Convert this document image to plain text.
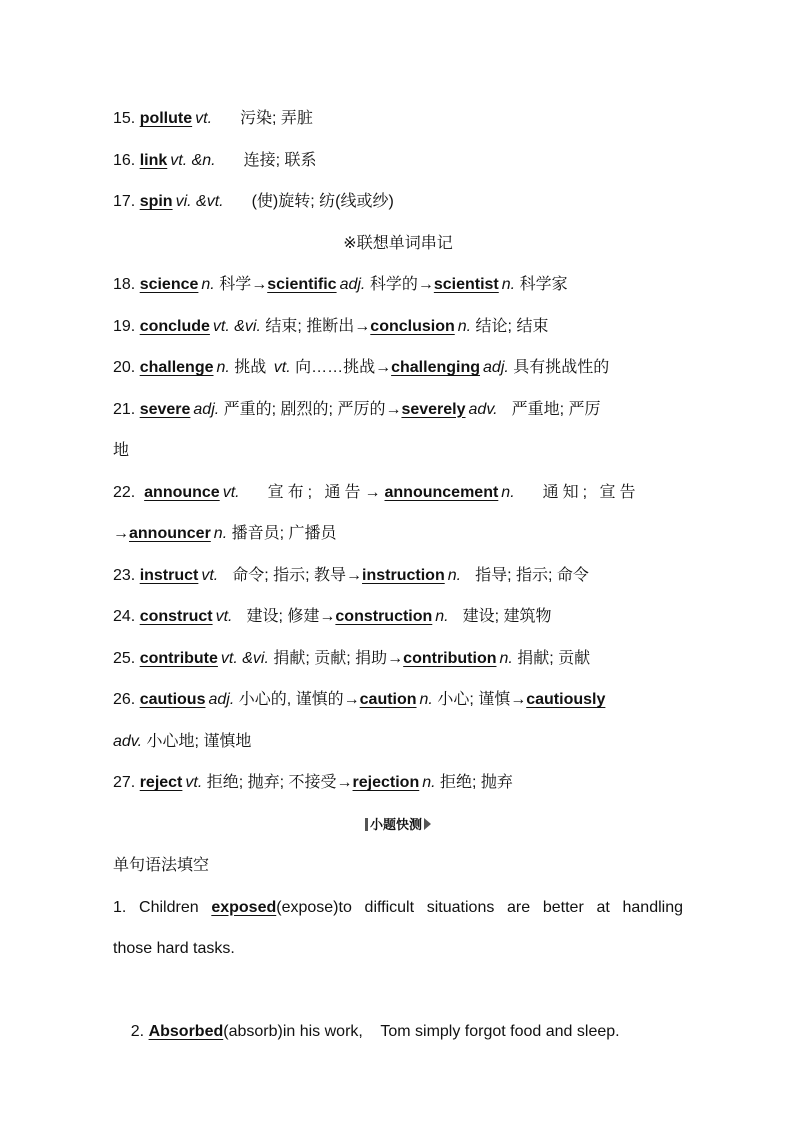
15. pollute vt. 污染; 弄脏
16. link vt. &n. 连接; 联系
17. spin vi. &vt. (使)旋转; 纺(线或纱)
※联想单词串记
18. science n. 科学→scientific adj. 科学的→scientist n. 科学家
19. conclude vt. &vi. 结束; 推断出→conclusion n. 结论; 结束
20. challenge n. 挑战 vt. 向……挑战→challenging adj. 具有挑战性的
21. severe adj. 严重的; 剧烈的; 严厉的→severely adv. 严重地; 严厉
地
22.  announce vt. 宣布; 通告→announcement n. 通知; 宣告
→announcer n. 播音员; 广播员
23. instruct vt. 命令; 指示; 教导→instruction n. 指导; 指示; 命令
24. construct vt. 建设; 修建→construction n. 建设; 建筑物
25. contribute vt. &vi. 捐献; 贡献; 捐助→contribution n. 捐献; 贡献
26. cautious adj. 小心的, 谨慎的→caution n. 小心; 谨慎→cautiously
adv. 小心地; 谨慎地
27. reject vt. 拒绝; 抛弃; 不接受→rejection n. 拒绝; 抛弃
小题快测
单句语法填空
1. Children exposed(expose)to difficult situations are better at handling
those hard tasks.

2. Absorbed(absorb)in his work,    Tom simply forgot food and sleep.
